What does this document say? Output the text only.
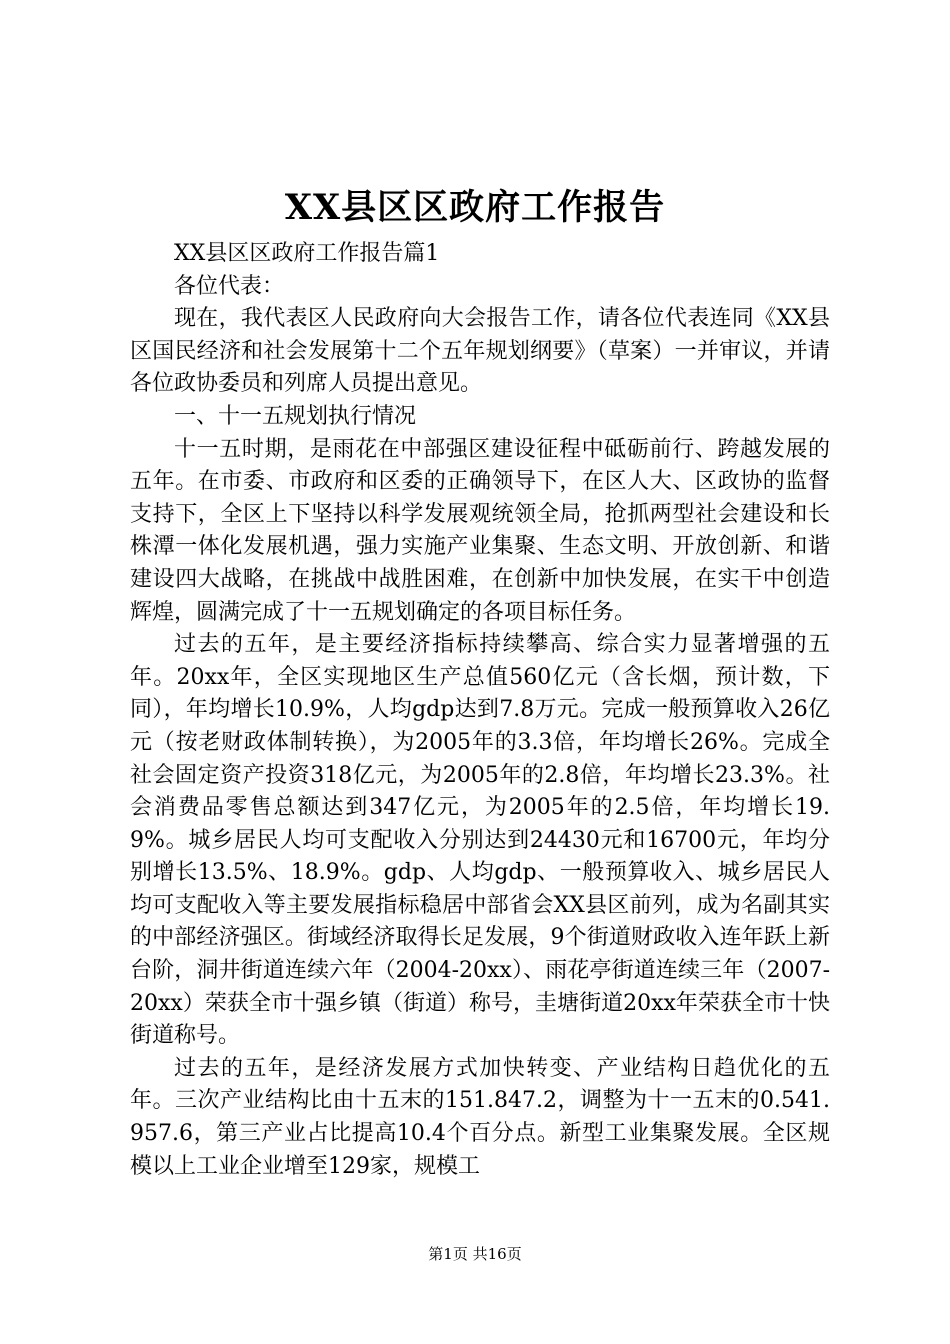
XX县区区政府工作报告

XX县区区政府工作报告篇1

各位代表：

现在，我代表区人民政府向大会报告工作，请各位代表连同《XX县区国民经济和社会发展第十二个五年规划纲要》（草案）一并审议，并请各位政协委员和列席人员提出意见。

一、十一五规划执行情况

十一五时期，是雨花在中部强区建设征程中砥砺前行、跨越发展的五年。在市委、市政府和区委的正确领导下，在区人大、区政协的监督支持下，全区上下坚持以科学发展观统领全局，抢抓两型社会建设和长株潭一体化发展机遇，强力实施产业集聚、生态文明、开放创新、和谐建设四大战略，在挑战中战胜困难，在创新中加快发展，在实干中创造辉煌，圆满完成了十一五规划确定的各项目标任务。

过去的五年，是主要经济指标持续攀高、综合实力显著增强的五年。20xx年，全区实现地区生产总值560亿元（含长烟，预计数，下同），年均增长10.9%，人均gdp达到7.8万元。完成一般预算收入26亿元（按老财政体制转换），为2005年的3.3倍，年均增长26%。完成全社会固定资产投资318亿元，为2005年的2.8倍，年均增长23.3%。社会消费品零售总额达到347亿元，为2005年的2.5倍，年均增长19.9%。城乡居民人均可支配收入分别达到24430元和16700元，年均分别增长13.5%、18.9%。gdp、人均gdp、一般预算收入、城乡居民人均可支配收入等主要发展指标稳居中部省会XX县区前列，成为名副其实的中部经济强区。街域经济取得长足发展，9个街道财政收入连年跃上新台阶，洞井街道连续六年（2004-20xx）、雨花亭街道连续三年（2007-20xx）荣获全市十强乡镇（街道）称号，圭塘街道20xx年荣获全市十快街道称号。

过去的五年，是经济发展方式加快转变、产业结构日趋优化的五年。三次产业结构比由十五末的151.847.2，调整为十一五末的0.541.957.6，第三产业占比提高10.4个百分点。新型工业集聚发展。全区规模以上工业企业增至129家，规模工

第1页 共16页
